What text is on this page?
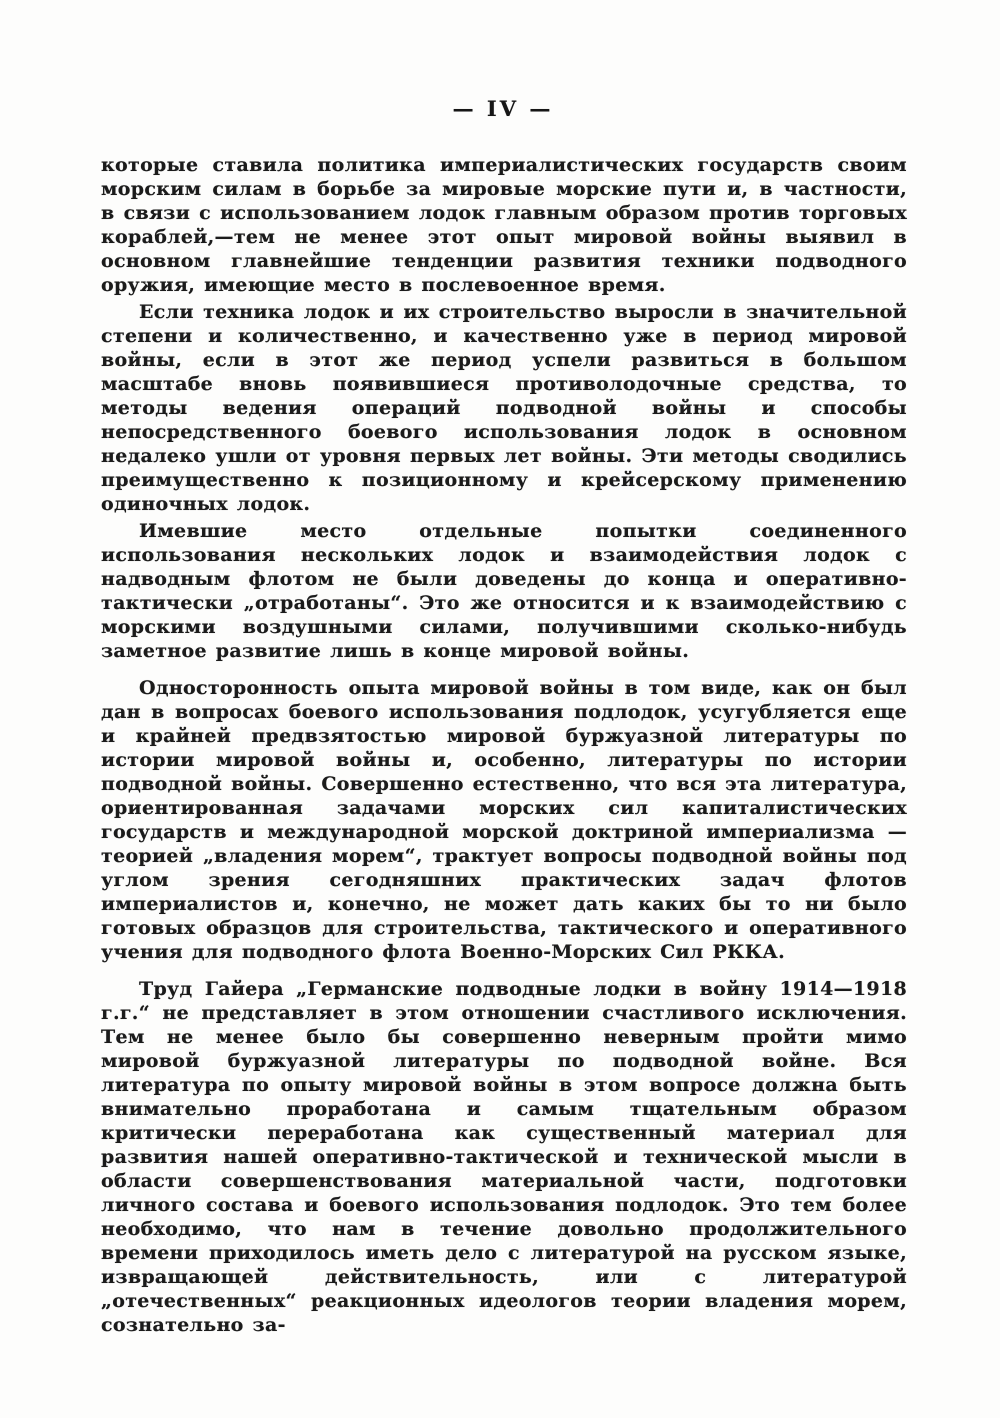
— IV —

которые ставила политика империалистических государств своим морским силам в борьбе за мировые морские пути и, в частности, в связи с использованием лодок главным образом против торговых кораблей,—тем не менее этот опыт мировой войны выявил в основном главнейшие тенденции развития техники подводного оружия, имеющие место в послевоенное время.

Если техника лодок и их строительство выросли в значительной степени и количественно, и качественно уже в период мировой войны, если в этот же период успели развиться в большом масштабе вновь появившиеся противолодочные средства, то методы ведения операций подводной войны и способы непосредственного боевого использования лодок в основном недалеко ушли от уровня первых лет войны. Эти методы сводились преимущественно к позиционному и крейсерскому применению одиночных лодок.

Имевшие место отдельные попытки соединенного использования нескольких лодок и взаимодействия лодок с надводным флотом не были доведены до конца и оперативно-тактически „отработаны“. Это же относится и к взаимодействию с морскими воздушными силами, получившими сколько-нибудь заметное развитие лишь в конце мировой войны.

Односторонность опыта мировой войны в том виде, как он был дан в вопросах боевого использования подлодок, усугубляется еще и крайней предвзятостью мировой буржуазной литературы по истории мировой войны и, особенно, литературы по истории подводной войны. Совершенно естественно, что вся эта литература, ориентированная задачами морских сил капиталистических государств и международной морской доктриной империализма — теорией „владения морем“, трактует вопросы подводной войны под углом зрения сегодняшних практических задач флотов империалистов и, конечно, не может дать каких бы то ни было готовых образцов для строительства, тактического и оперативного учения для подводного флота Военно-Морских Сил РККА.

Труд Гайера „Германские подводные лодки в войну 1914—1918 г.г.“ не представляет в этом отношении счастливого исключения. Тем не менее было бы совершенно неверным пройти мимо мировой буржуазной литературы по подводной войне. Вся литература по опыту мировой войны в этом вопросе должна быть внимательно проработана и самым тщательным образом критически переработана как существенный материал для развития нашей оперативно-тактической и технической мысли в области совершенствования материальной части, подготовки личного состава и боевого использования подлодок. Это тем более необходимо, что нам в течение довольно продолжительного времени приходилось иметь дело с литературой на русском языке, извращающей действительность, или с литературой „отечественных“ реакционных идеологов теории владения морем, сознательно за-
